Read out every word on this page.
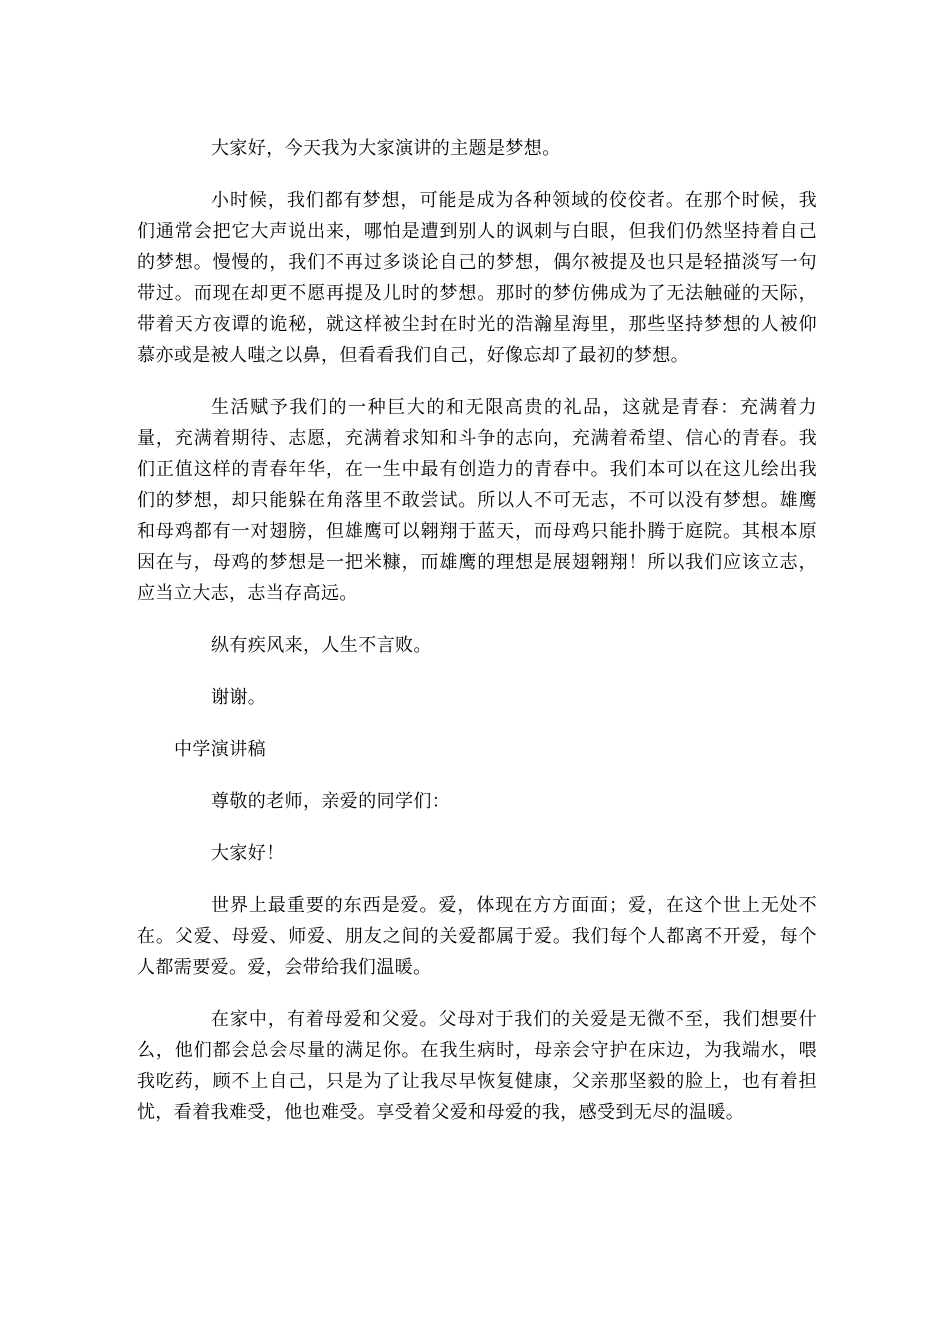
大家好，今天我为大家演讲的主题是梦想。

小时候，我们都有梦想，可能是成为各种领域的佼佼者。在那个时候，我们通常会把它大声说出来，哪怕是遭到别人的讽刺与白眼，但我们仍然坚持着自己的梦想。慢慢的，我们不再过多谈论自己的梦想，偶尔被提及也只是轻描淡写一句带过。而现在却更不愿再提及儿时的梦想。那时的梦仿佛成为了无法触碰的天际，带着天方夜谭的诡秘，就这样被尘封在时光的浩瀚星海里，那些坚持梦想的人被仰慕亦或是被人嗤之以鼻，但看看我们自己，好像忘却了最初的梦想。

生活赋予我们的一种巨大的和无限高贵的礼品，这就是青春：充满着力量，充满着期待、志愿，充满着求知和斗争的志向，充满着希望、信心的青春。我们正值这样的青春年华，在一生中最有创造力的青春中。我们本可以在这儿绘出我们的梦想，却只能躲在角落里不敢尝试。所以人不可无志，不可以没有梦想。雄鹰和母鸡都有一对翅膀，但雄鹰可以翱翔于蓝天，而母鸡只能扑腾于庭院。其根本原因在与，母鸡的梦想是一把米糠，而雄鹰的理想是展翅翱翔！所以我们应该立志，应当立大志，志当存高远。

纵有疾风来，人生不言败。

谢谢。

中学演讲稿

尊敬的老师，亲爱的同学们：

大家好！

世界上最重要的东西是爱。爱，体现在方方面面；爱，在这个世上无处不在。父爱、母爱、师爱、朋友之间的关爱都属于爱。我们每个人都离不开爱，每个人都需要爱。爱，会带给我们温暖。

在家中，有着母爱和父爱。父母对于我们的关爱是无微不至，我们想要什么，他们都会总会尽量的满足你。在我生病时，母亲会守护在床边，为我端水，喂我吃药，顾不上自己，只是为了让我尽早恢复健康，父亲那坚毅的脸上，也有着担忧，看着我难受，他也难受。享受着父爱和母爱的我，感受到无尽的温暖。
